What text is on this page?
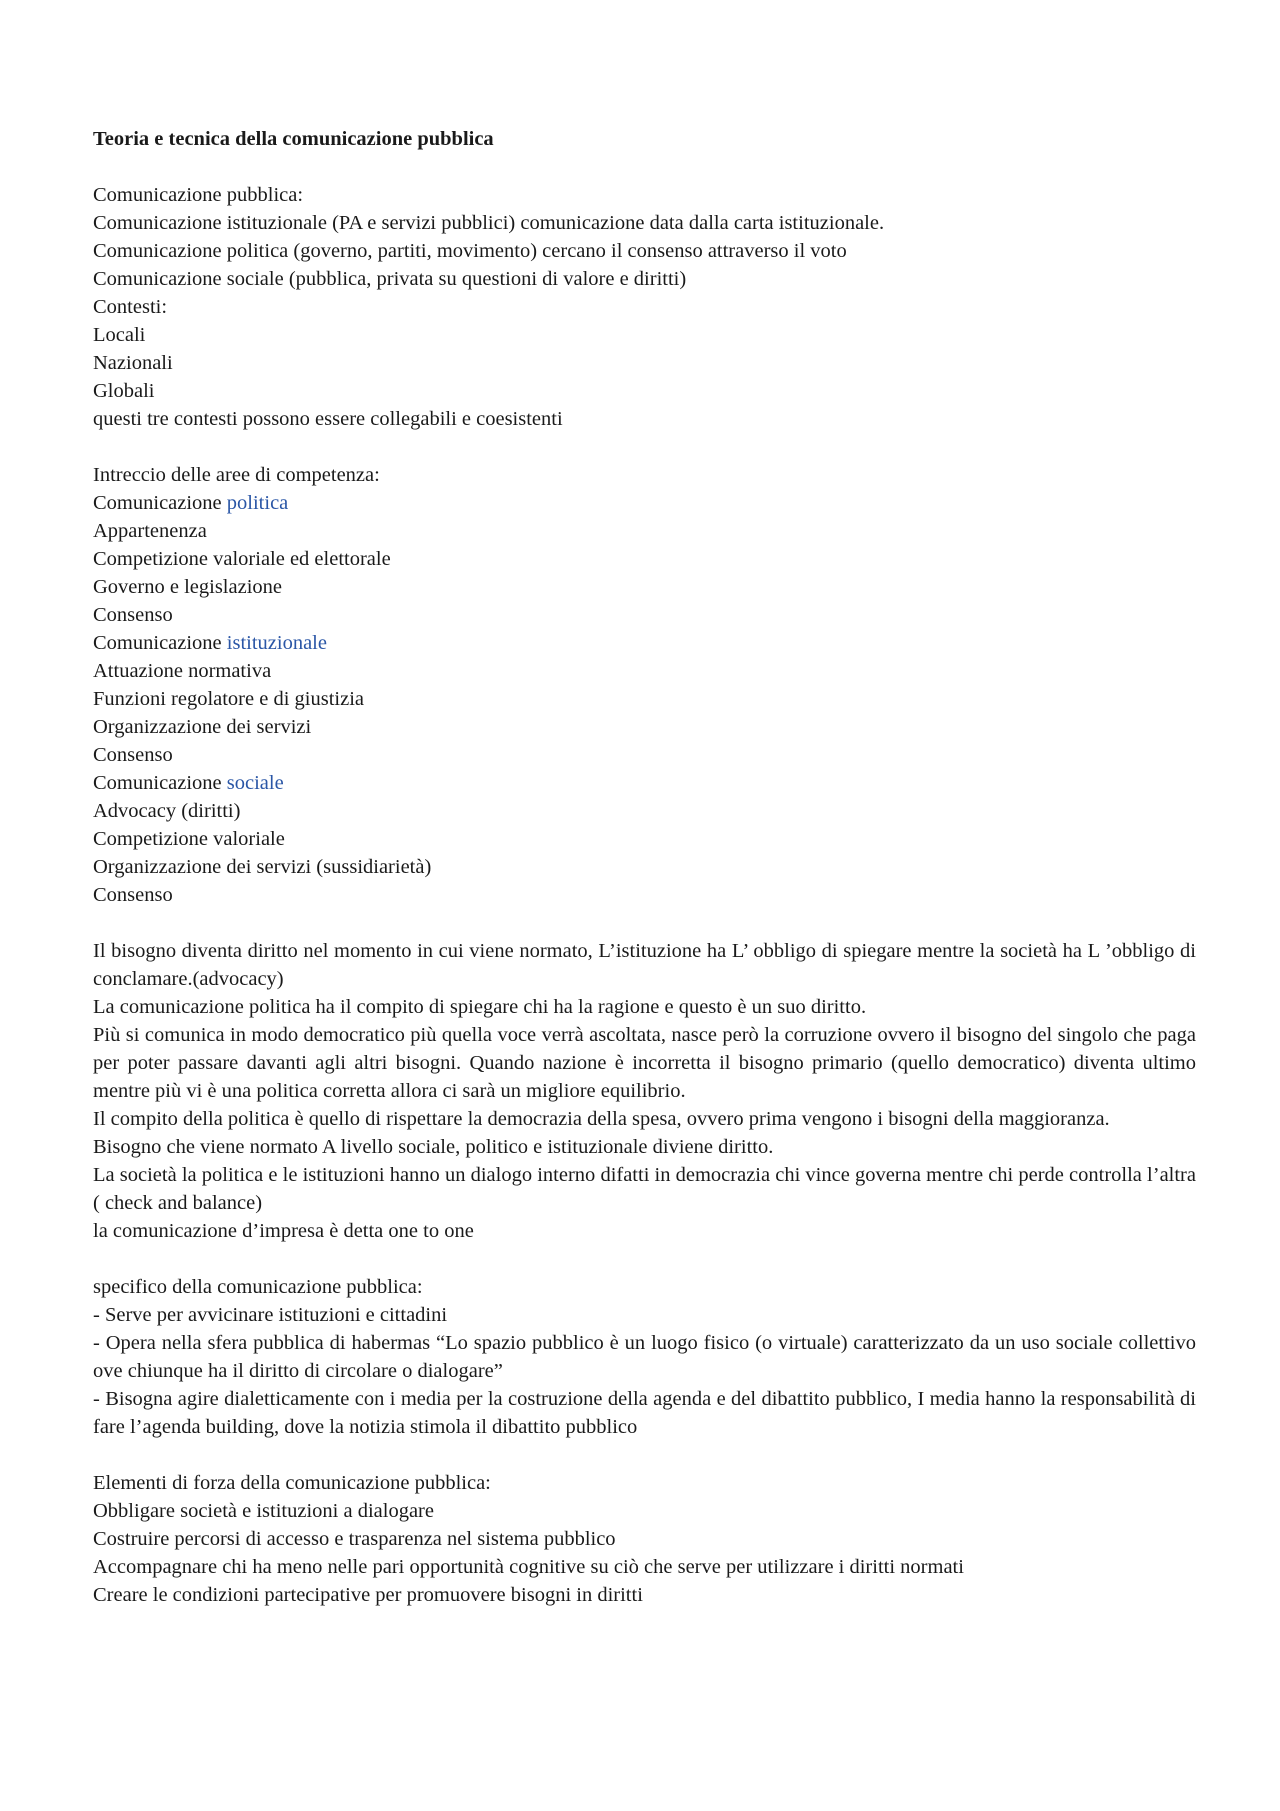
Teoria e tecnica della comunicazione pubblica

Comunicazione pubblica:

Comunicazione istituzionale (PA e servizi pubblici) comunicazione data dalla carta istituzionale.

Comunicazione politica (governo, partiti, movimento) cercano il consenso attraverso il voto

Comunicazione sociale (pubblica, privata su questioni di valore e diritti)

Contesti:

Locali

Nazionali

Globali

questi tre contesti possono essere collegabili e coesistenti

Intreccio delle aree di competenza:

Comunicazione politica

Appartenenza

Competizione valoriale ed elettorale

Governo e legislazione

Consenso

Comunicazione istituzionale

Attuazione normativa

Funzioni regolatore e di giustizia

Organizzazione dei servizi

Consenso

Comunicazione sociale

Advocacy (diritti)

Competizione valoriale

Organizzazione dei servizi (sussidiarietà)

Consenso

Il bisogno diventa diritto nel momento in cui viene normato, L’istituzione ha L’ obbligo di spiegare mentre la società ha L ’obbligo di conclamare.(advocacy)

La comunicazione politica ha il compito di spiegare chi ha la ragione e questo è un suo diritto.

Più si comunica in modo democratico più quella voce verrà ascoltata, nasce però la corruzione ovvero il bisogno del singolo che paga per poter passare davanti agli altri bisogni. Quando nazione è incorretta il bisogno primario (quello democratico) diventa ultimo mentre più vi è una politica corretta allora ci sarà un migliore equilibrio.

Il compito della politica è quello di rispettare la democrazia della spesa, ovvero prima vengono i bisogni della maggioranza.

Bisogno che viene normato A livello sociale, politico e istituzionale diviene diritto.

La società la politica e le istituzioni hanno un dialogo interno difatti in democrazia chi vince governa mentre chi perde controlla l’altra ( check and balance)

la comunicazione d’impresa è detta one to one

specifico della comunicazione pubblica:

- Serve per avvicinare istituzioni e cittadini

- Opera nella sfera pubblica di habermas “Lo spazio pubblico è un luogo fisico (o virtuale) caratterizzato da un uso sociale collettivo ove chiunque ha il diritto di circolare o dialogare”

- Bisogna agire dialetticamente con i media per la costruzione della agenda e del dibattito pubblico, I media hanno la responsabilità di fare l’agenda building, dove la notizia stimola il dibattito pubblico

Elementi di forza della comunicazione pubblica:

Obbligare società e istituzioni a dialogare

Costruire percorsi di accesso e trasparenza nel sistema pubblico

Accompagnare chi ha meno nelle pari opportunità cognitive su ciò che serve per utilizzare i diritti normati

Creare le condizioni partecipative per promuovere bisogni in diritti
